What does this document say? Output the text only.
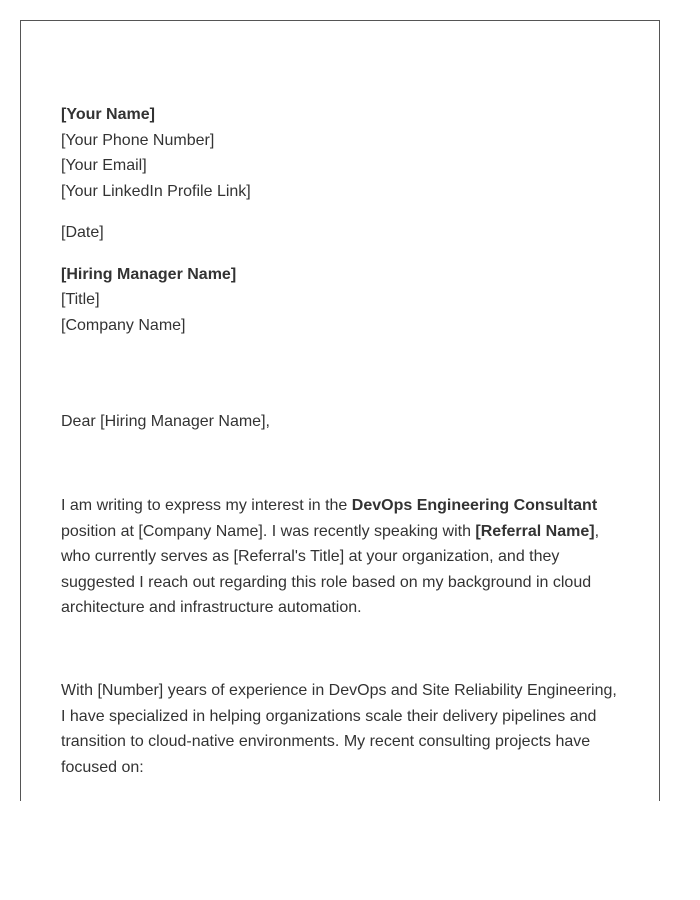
[Your Name]
[Your Phone Number]
[Your Email]
[Your LinkedIn Profile Link]
[Date]
[Hiring Manager Name]
[Title]
[Company Name]
Dear [Hiring Manager Name],
I am writing to express my interest in the DevOps Engineering Consultant
position at [Company Name]. I was recently speaking with [Referral Name],
who currently serves as [Referral's Title] at your organization, and they
suggested I reach out regarding this role based on my background in cloud
architecture and infrastructure automation.
With [Number] years of experience in DevOps and Site Reliability Engineering,
I have specialized in helping organizations scale their delivery pipelines and
transition to cloud-native environments. My recent consulting projects have
focused on:
